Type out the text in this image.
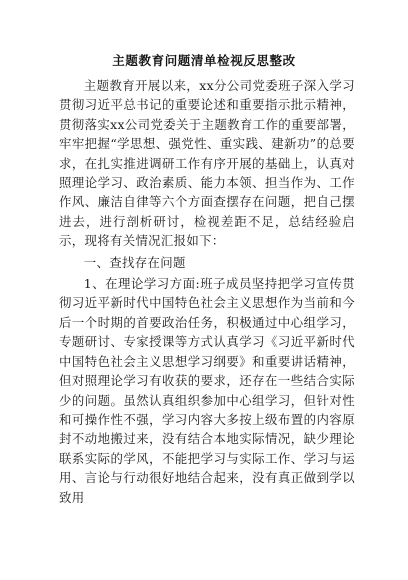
主题教育问题清单检视反思整改

主题教育开展以来，xx分公司党委班子深入学习贯彻习近平总书记的重要论述和重要指示批示精神，贯彻落实xx公司党委关于主题教育工作的重要部署，牢牢把握“学思想、强党性、重实践、建新功”的总要求，在扎实推进调研工作有序开展的基础上，认真对照理论学习、政治素质、能力本领、担当作为、工作作风、廉洁自律等六个方面查摆存在问题，把自己摆进去，进行剖析研讨，检视差距不足，总结经验启示，现将有关情况汇报如下：

一、查找存在问题

1、在理论学习方面:班子成员坚持把学习宣传贯彻习近平新时代中国特色社会主义思想作为当前和今后一个时期的首要政治任务，积极通过中心组学习，专题研讨、专家授课等方式认真学习《习近平新时代中国特色社会主义思想学习纲要》和重要讲话精神，但对照理论学习有收获的要求，还存在一些结合实际少的问题。虽然认真组织参加中心组学习，但针对性和可操作性不强，学习内容大多按上级布置的内容原封不动地搬过来，没有结合本地实际情况，缺少理论联系实际的学风，不能把学习与实际工作、学习与运用、言论与行动很好地结合起来，没有真正做到学以致用
